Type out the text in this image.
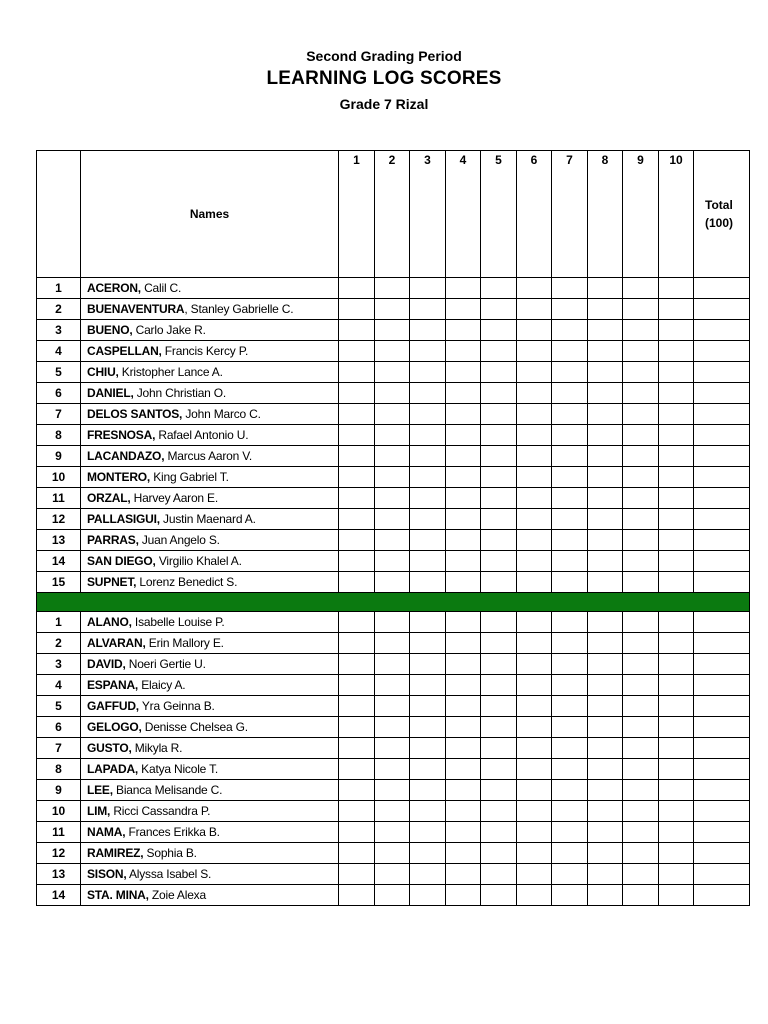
Second Grading Period
LEARNING LOG SCORES
Grade 7 Rizal
	Names	1	2	3	4	5	6	7	8	9	10	Total
(100)
1	ACERON, Calil C.											
2	BUENAVENTURA, Stanley Gabrielle C.											
3	BUENO, Carlo Jake R.											
4	CASPELLAN, Francis Kercy P.											
5	CHIU, Kristopher Lance A.											
6	DANIEL, John Christian O.											
7	DELOS SANTOS, John Marco C.											
8	FRESNOSA, Rafael Antonio U.											
9	LACANDAZO, Marcus Aaron V.											
10	MONTERO, King Gabriel T.											
11	ORZAL, Harvey Aaron E.											
12	PALLASIGUI, Justin Maenard A.											
13	PARRAS, Juan Angelo S.											
14	SAN DIEGO, Virgilio Khalel A.											
15	SUPNET, Lorenz Benedict S.											

1	ALANO, Isabelle Louise P.											
2	ALVARAN, Erin Mallory E.											
3	DAVID, Noeri Gertie U.											
4	ESPANA, Elaicy A.											
5	GAFFUD, Yra Geinna B.											
6	GELOGO, Denisse Chelsea G.											
7	GUSTO, Mikyla R.											
8	LAPADA, Katya Nicole T.											
9	LEE, Bianca Melisande C.											
10	LIM, Ricci Cassandra P.											
11	NAMA, Frances Erikka B.											
12	RAMIREZ, Sophia B.											
13	SISON, Alyssa Isabel S.											
14	STA. MINA, Zoie Alexa											
